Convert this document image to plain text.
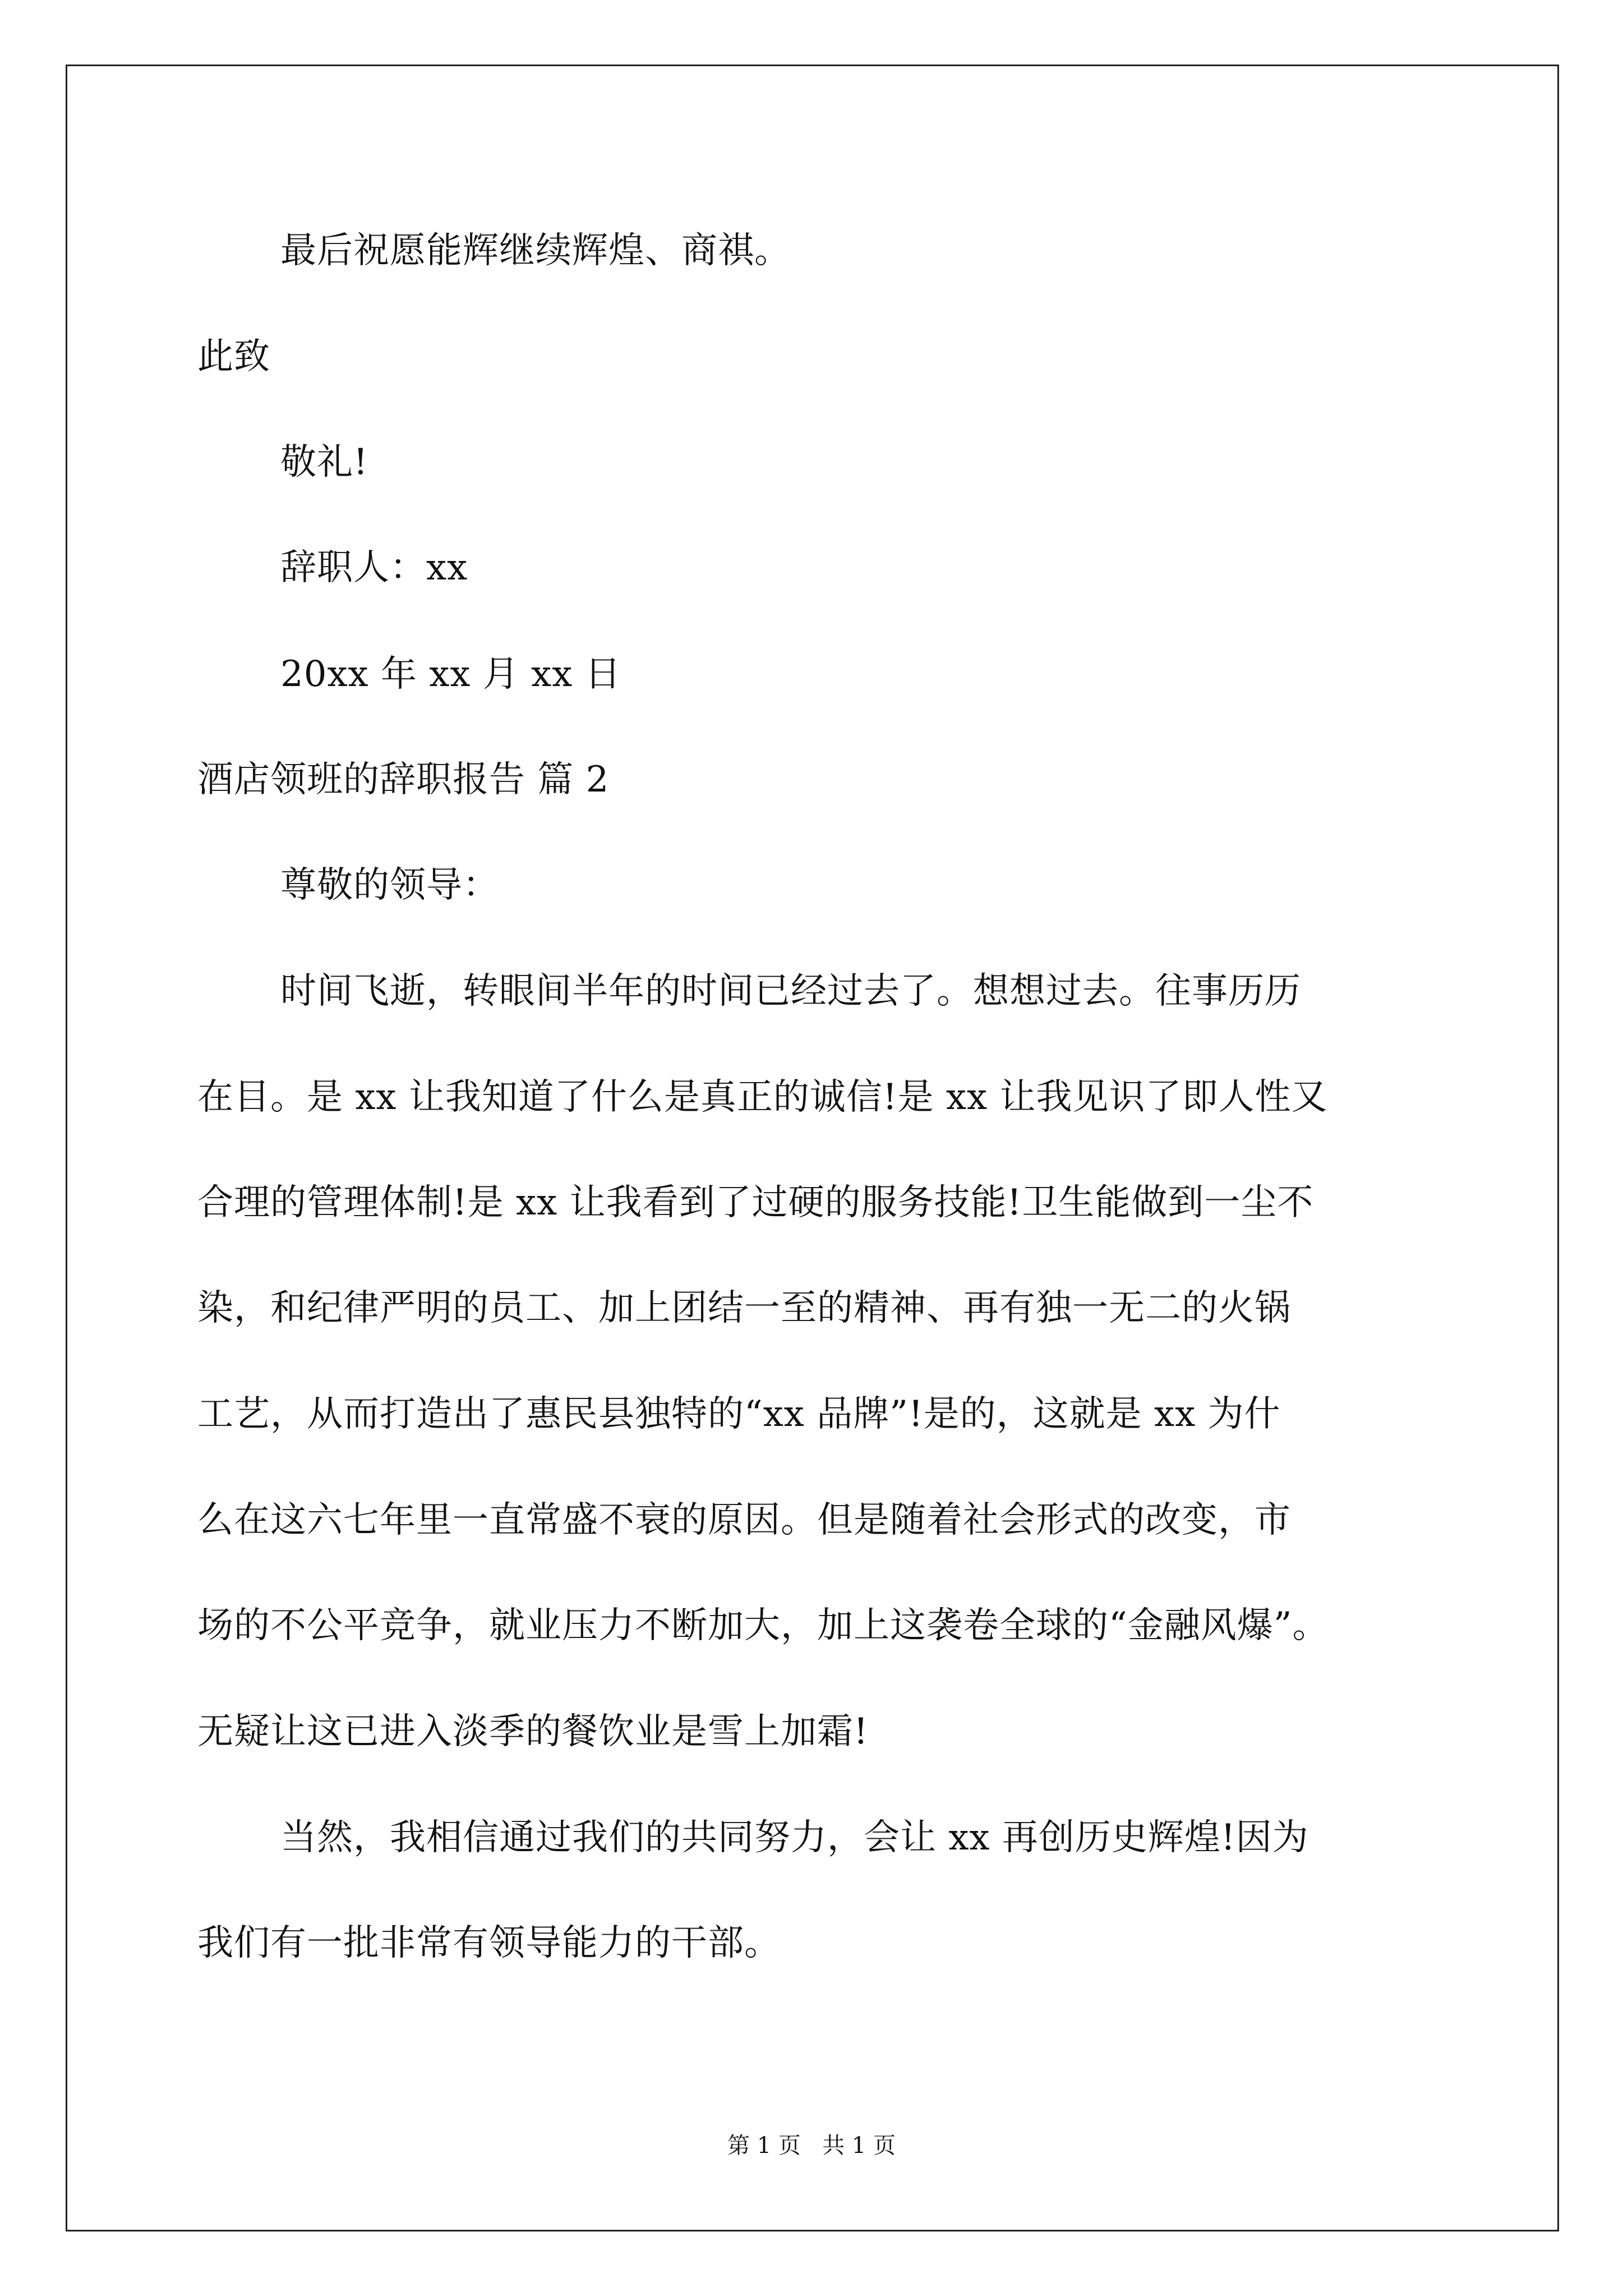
最后祝愿能辉继续辉煌、商祺。
此致
敬礼!
辞职人：xx
20xx 年 xx 月 xx 日
酒店领班的辞职报告 篇 2
尊敬的领导：
时间飞逝，转眼间半年的时间已经过去了。想想过去。往事历历
在目。是 xx 让我知道了什么是真正的诚信!是 xx 让我见识了即人性又
合理的管理体制!是 xx 让我看到了过硬的服务技能!卫生能做到一尘不
染，和纪律严明的员工、加上团结一至的精神、再有独一无二的火锅
工艺，从而打造出了惠民县独特的“xx 品牌”!是的，这就是 xx 为什
么在这六七年里一直常盛不衰的原因。但是随着社会形式的改变，市
场的不公平竞争，就业压力不断加大，加上这袭卷全球的“金融风爆”。
无疑让这已进入淡季的餐饮业是雪上加霜!
当然，我相信通过我们的共同努力，会让 xx 再创历史辉煌!因为
我们有一批非常有领导能力的干部。
第 1 页   共 1 页
